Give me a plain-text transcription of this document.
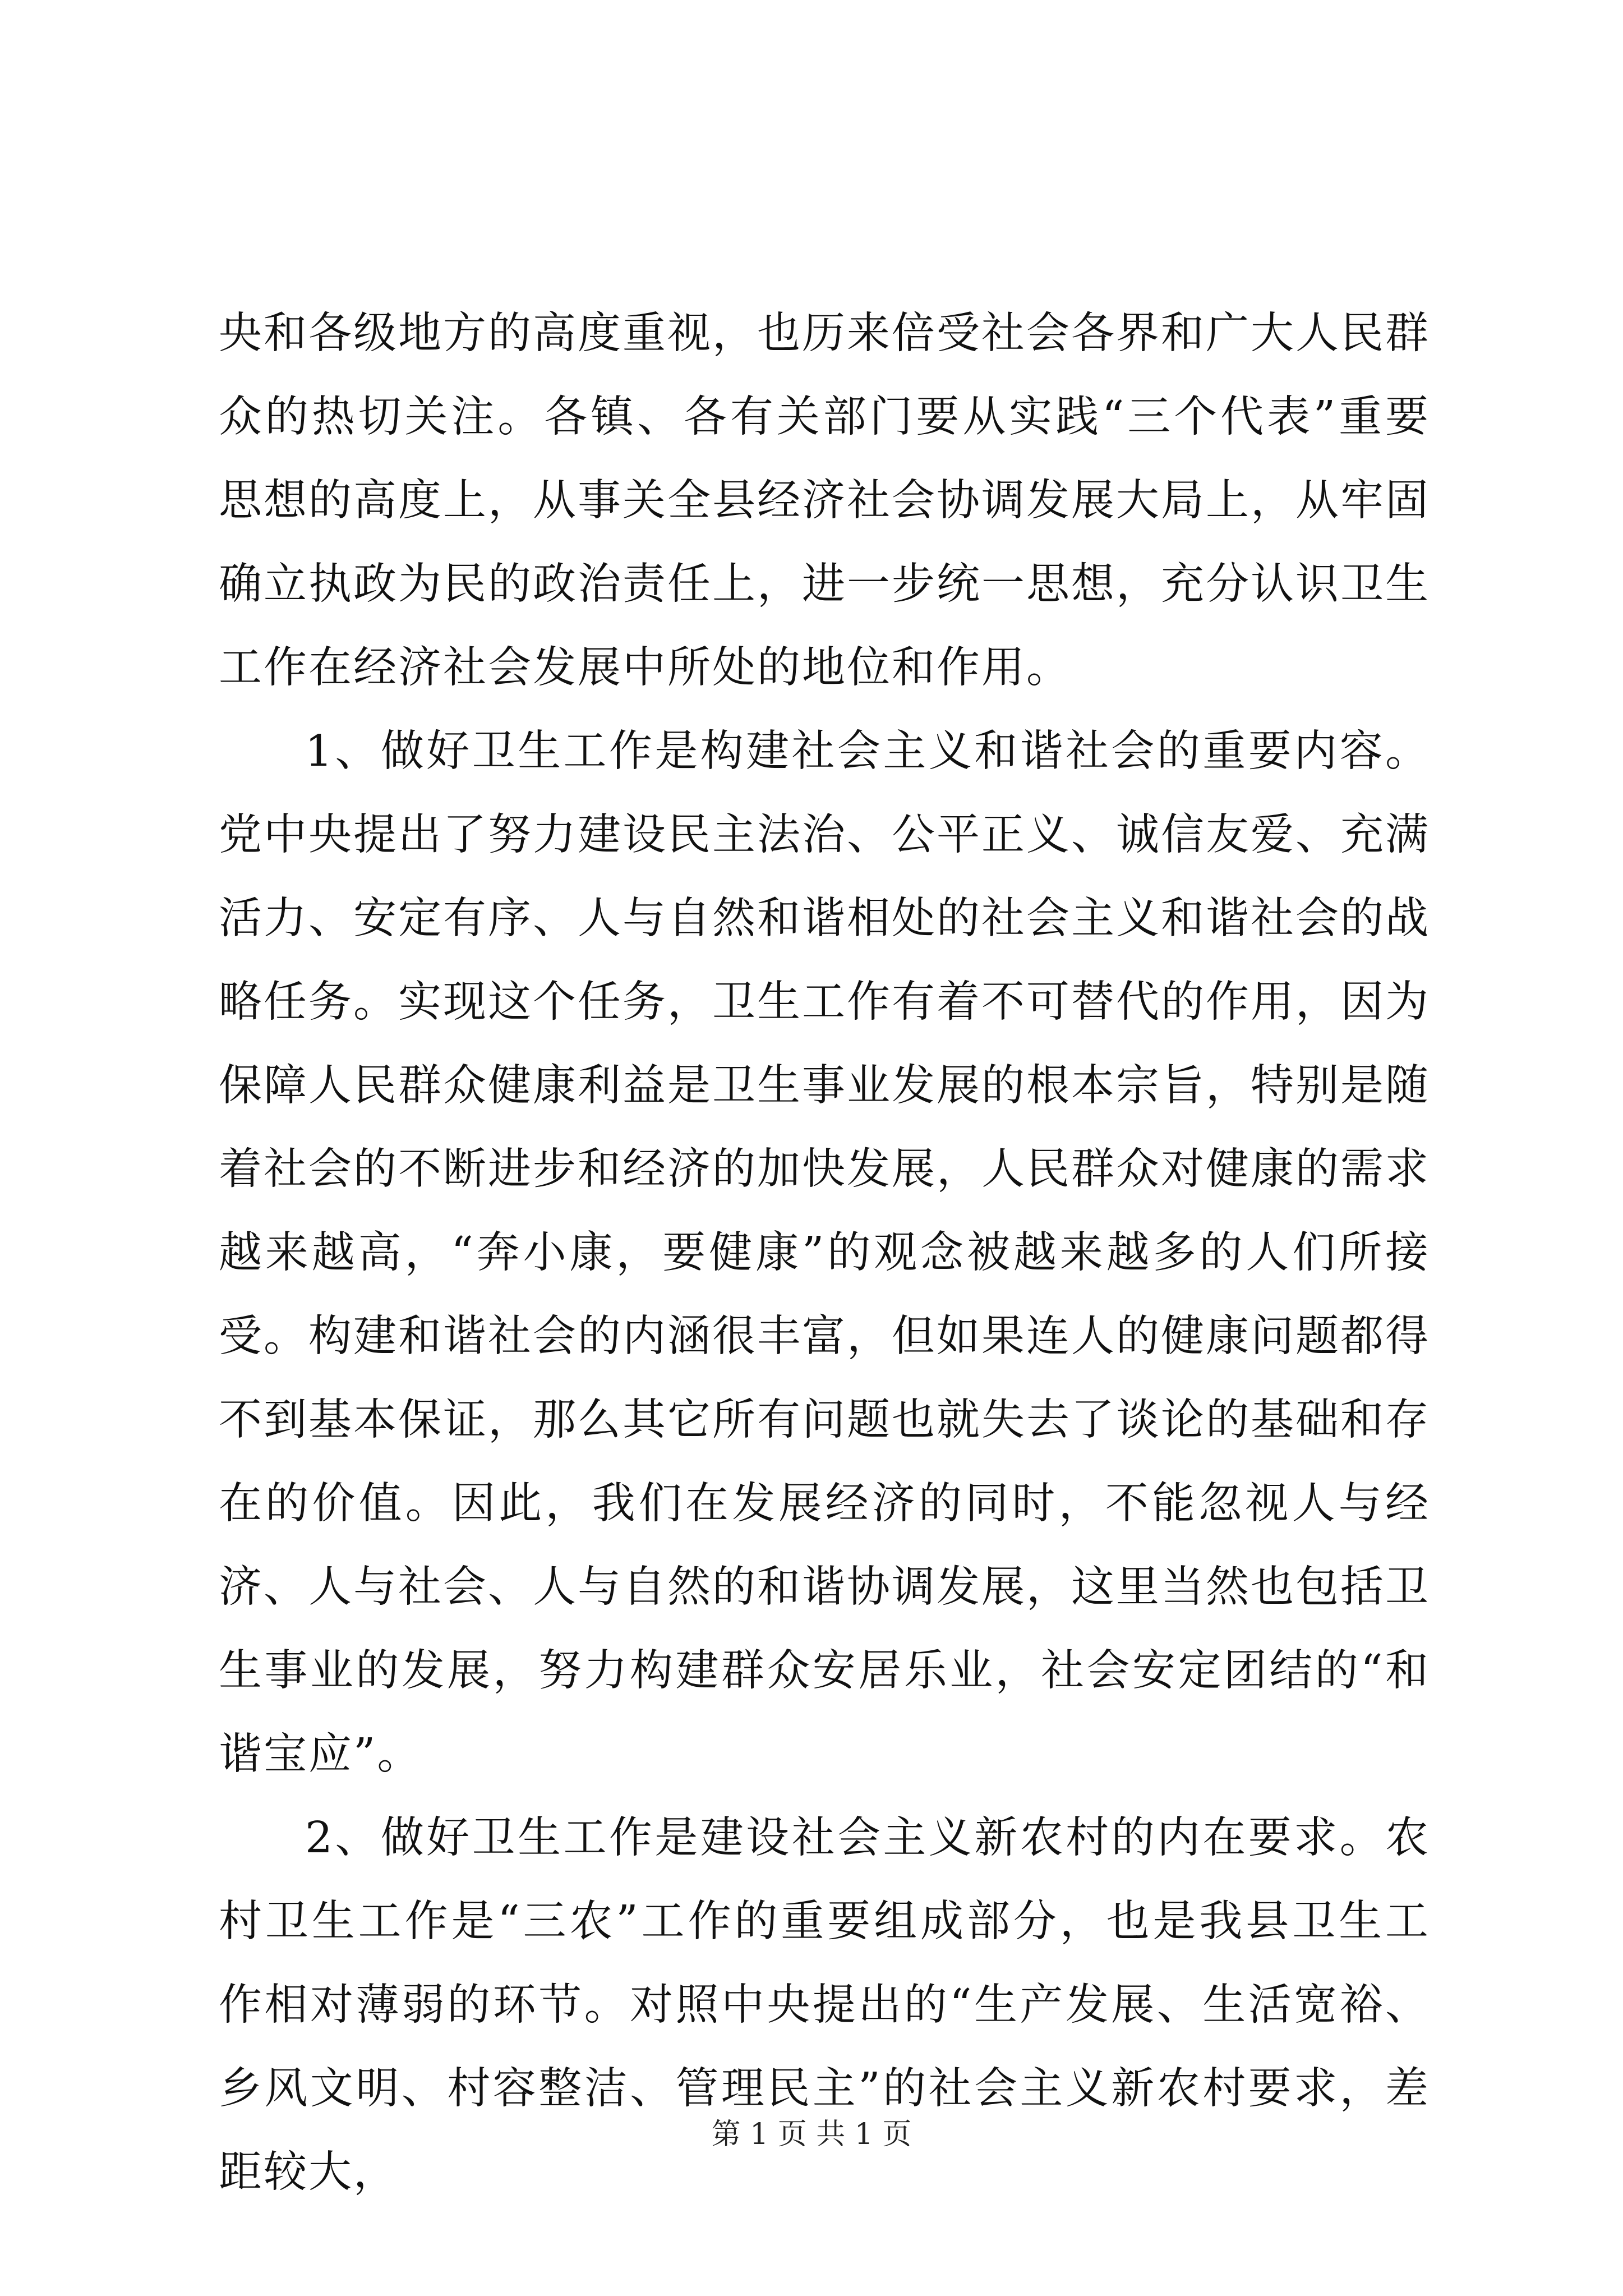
央和各级地方的高度重视，也历来倍受社会各界和广大人民群众的热切关注。各镇、各有关部门要从实践“三个代表”重要思想的高度上，从事关全县经济社会协调发展大局上，从牢固确立执政为民的政治责任上，进一步统一思想，充分认识卫生工作在经济社会发展中所处的地位和作用。

1、做好卫生工作是构建社会主义和谐社会的重要内容。党中央提出了努力建设民主法治、公平正义、诚信友爱、充满活力、安定有序、人与自然和谐相处的社会主义和谐社会的战略任务。实现这个任务，卫生工作有着不可替代的作用，因为保障人民群众健康利益是卫生事业发展的根本宗旨，特别是随着社会的不断进步和经济的加快发展，人民群众对健康的需求越来越高，“奔小康，要健康”的观念被越来越多的人们所接受。构建和谐社会的内涵很丰富，但如果连人的健康问题都得不到基本保证，那么其它所有问题也就失去了谈论的基础和存在的价值。因此，我们在发展经济的同时，不能忽视人与经济、人与社会、人与自然的和谐协调发展，这里当然也包括卫生事业的发展，努力构建群众安居乐业，社会安定团结的“和谐宝应”。

2、做好卫生工作是建设社会主义新农村的内在要求。农村卫生工作是“三农”工作的重要组成部分，也是我县卫生工作相对薄弱的环节。对照中央提出的“生产发展、生活宽裕、乡风文明、村容整洁、管理民主”的社会主义新农村要求，差距较大，

第 1 页 共 1 页
